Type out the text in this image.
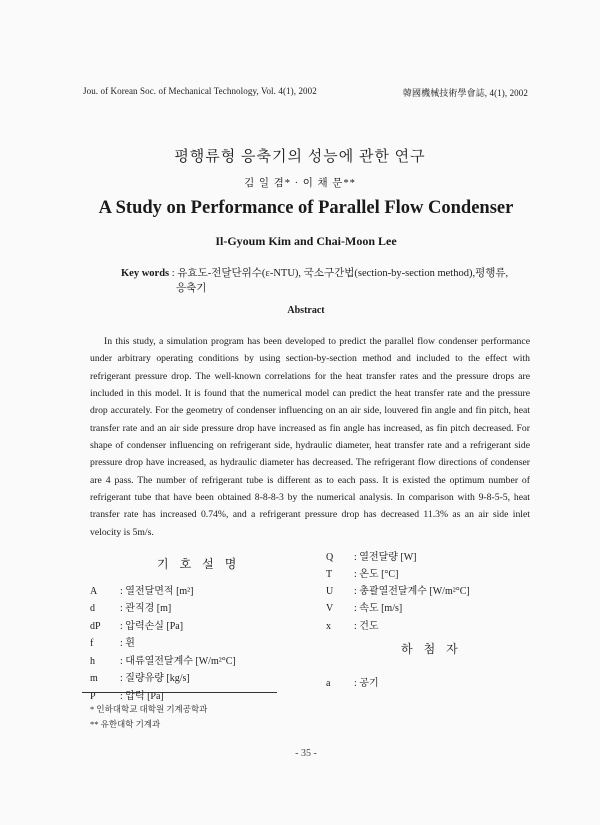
Jou. of Korean Soc. of Mechanical Technology, Vol. 4(1), 2002	韓國機械技術學會誌, 4(1), 2002
평행류형 응축기의 성능에 관한 연구
김 일 겸* · 이 채 문**
A Study on Performance of Parallel Flow Condenser
Il-Gyoum Kim and Chai-Moon Lee
Key words : 유효도-전달단위수(ε-NTU), 국소구간법(section-by-section method),평행류,
응축기
Abstract

In this study, a simulation program has been developed to predict the parallel flow condenser performance under arbitrary operating conditions by using section-by-section method and included to the effect with refrigerant pressure drop. The well-known correlations for the heat transfer rates and the pressure drops are included in this model. It is found that the numerical model can predict the heat transfer rate and the pressure drop accurately. For the geometry of condenser influencing on an air side, louvered fin angle and fin pitch, heat transfer rate and an air side pressure drop have increased as fin angle has increased, as fin pitch decreased. For shape of condenser influencing on refrigerant side, hydraulic diameter, heat transfer rate and a refrigerant side pressure drop have increased, as hydraulic diameter has decreased. The refrigerant flow directions of condenser are 4 pass. The number of refrigerant tube is different as to each pass. It is existed the optimum number of refrigerant tube that have been obtained 8-8-8-3 by the numerical analysis. In comparison with 9-8-5-5, heat transfer rate has increased 0.74%, and a refrigerant pressure drop has decreased 11.3% as an air side inlet velocity is 5m/s.

기 호 설 명
A : 열전달면적 [m²]
d	: 관직경 [m]
dP : 압력손실 [Pa]
f	: 휜
h	: 대류열전달계수 [W/m²°C]
m : 질량유량 [kg/s]
P : 압력 [Pa]
Q : 열전달량 [W]
T : 온도 [°C]
U : 총괄열전달계수 [W/m²°C]
V : 속도 [m/s]
x : 건도
하 첨 자
a : 공기
* 인하대학교 대학원 기계공학과
** 유한대학 기계과
- 35 -
